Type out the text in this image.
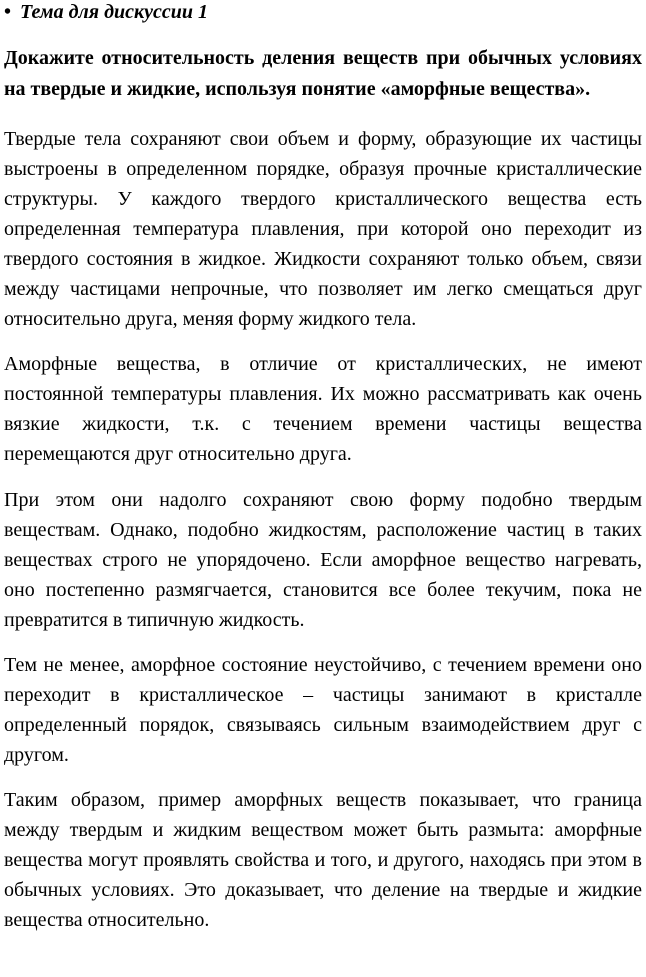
• Тема для дискуссии 1
Докажите относительность деления веществ при обычных условиях на твердые и жидкие, используя понятие «аморфные вещества».

Твердые тела сохраняют свои объем и форму, образующие их частицы выстроены в определенном порядке, образуя прочные кристаллические структуры. У каждого твердого кристаллического вещества есть определенная температура плавления, при которой оно переходит из твердого состояния в жидкое. Жидкости сохраняют только объем, связи между частицами непрочные, что позволяет им легко смещаться друг относительно друга, меняя форму жидкого тела.

Аморфные вещества, в отличие от кристаллических, не имеют постоянной температуры плавления. Их можно рассматривать как очень вязкие жидкости, т.к. с течением времени частицы вещества перемещаются друг относительно друга.

При этом они надолго сохраняют свою форму подобно твердым веществам. Однако, подобно жидкостям, расположение частиц в таких веществах строго не упорядочено. Если аморфное вещество нагревать, оно постепенно размягчается, становится все более текучим, пока не превратится в типичную жидкость.

Тем не менее, аморфное состояние неустойчиво, с течением времени оно переходит в кристаллическое – частицы занимают в кристалле определенный порядок, связываясь сильным взаимодействием друг с другом.

Таким образом, пример аморфных веществ показывает, что граница между твердым и жидким веществом может быть размыта: аморфные вещества могут проявлять свойства и того, и другого, находясь при этом в обычных условиях. Это доказывает, что деление на твердые и жидкие вещества относительно.
